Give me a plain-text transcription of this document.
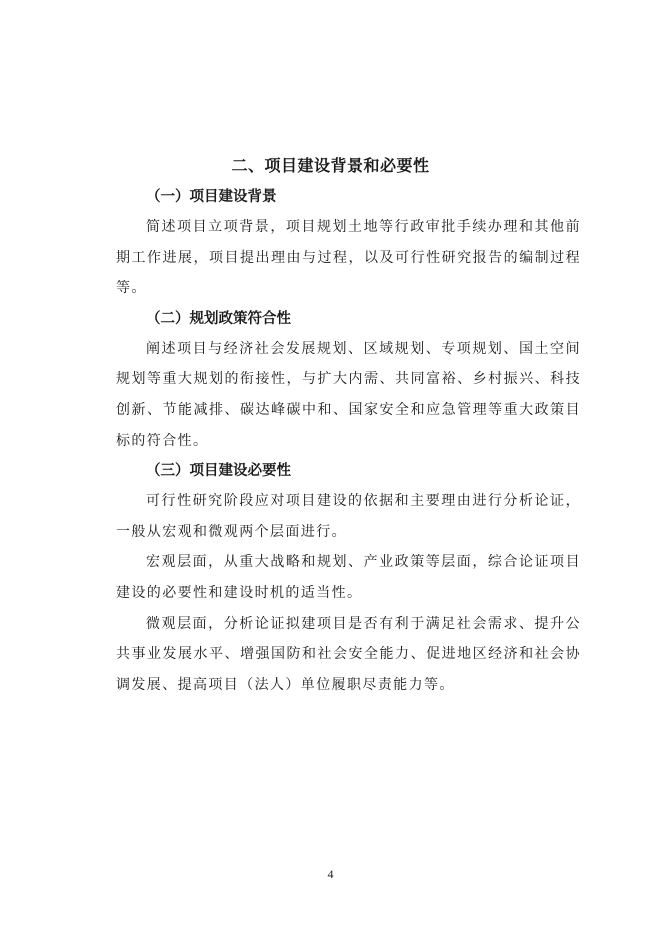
二、项目建设背景和必要性
（一）项目建设背景

简述项目立项背景，项目规划土地等行政审批手续办理和其他前期工作进展，项目提出理由与过程，以及可行性研究报告的编制过程等。

（二）规划政策符合性

阐述项目与经济社会发展规划、区域规划、专项规划、国土空间规划等重大规划的衔接性，与扩大内需、共同富裕、乡村振兴、科技创新、节能减排、碳达峰碳中和、国家安全和应急管理等重大政策目标的符合性。

（三）项目建设必要性

可行性研究阶段应对项目建设的依据和主要理由进行分析论证，一般从宏观和微观两个层面进行。

宏观层面，从重大战略和规划、产业政策等层面，综合论证项目建设的必要性和建设时机的适当性。

微观层面，分析论证拟建项目是否有利于满足社会需求、提升公共事业发展水平、增强国防和社会安全能力、促进地区经济和社会协调发展、提高项目（法人）单位履职尽责能力等。

4
